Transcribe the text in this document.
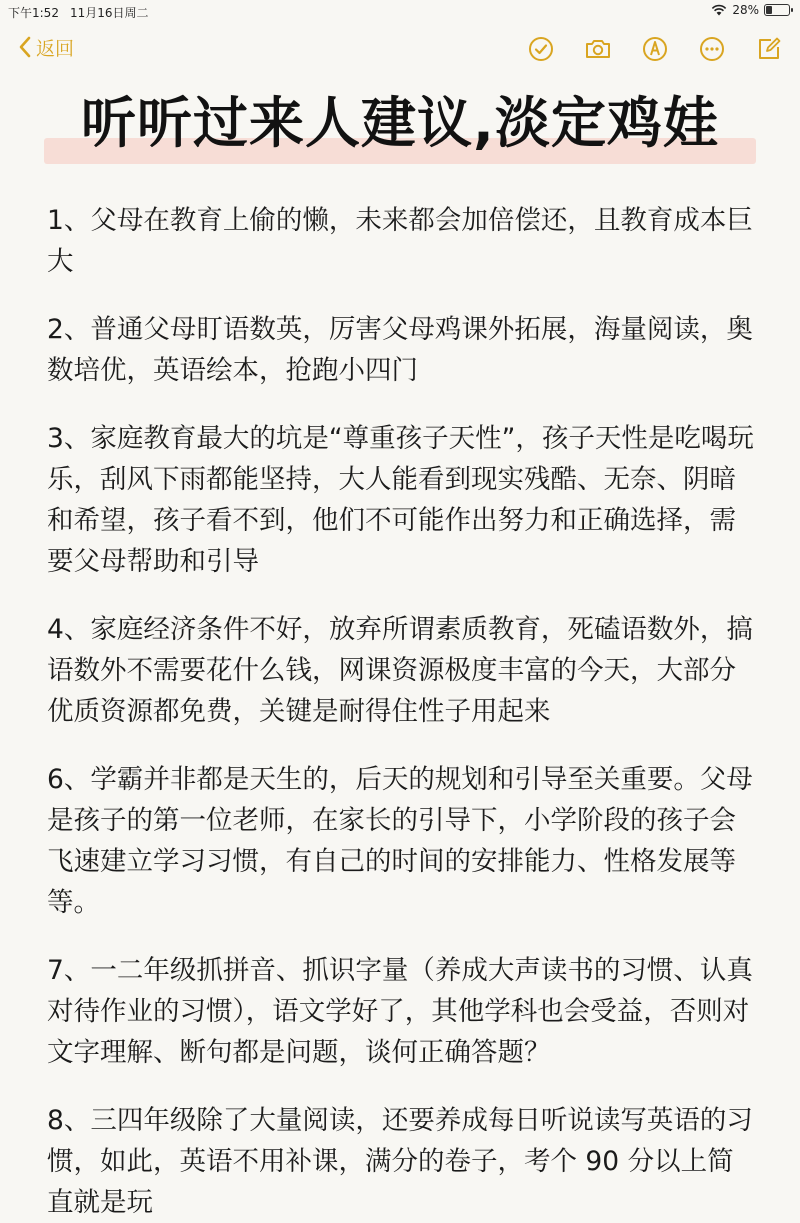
下午1:52 11月16日周二	28%
返回
听听过来人建议,淡定鸡娃

1、父母在教育上偷的懒，未来都会加倍偿还，且教育成本巨大

2、普通父母盯语数英，厉害父母鸡课外拓展，海量阅读，奥数培优，英语绘本，抢跑小四门

3、家庭教育最大的坑是“尊重孩子天性”，孩子天性是吃喝玩乐，刮风下雨都能坚持，大人能看到现实残酷、无奈、阴暗和希望，孩子看不到，他们不可能作出努力和正确选择，需要父母帮助和引导

4、家庭经济条件不好，放弃所谓素质教育，死磕语数外，搞语数外不需要花什么钱，网课资源极度丰富的今天，大部分优质资源都免费，关键是耐得住性子用起来

6、学霸并非都是天生的，后天的规划和引导至关重要。父母是孩子的第一位老师，在家长的引导下，小学阶段的孩子会飞速建立学习习惯，有自己的时间的安排能力、性格发展等等。

7、一二年级抓拼音、抓识字量（养成大声读书的习惯、认真对待作业的习惯），语文学好了，其他学科也会受益，否则对文字理解、断句都是问题，谈何正确答题？

8、三四年级除了大量阅读，还要养成每日听说读写英语的习惯，如此，英语不用补课，满分的卷子，考个 90 分以上简直就是玩
